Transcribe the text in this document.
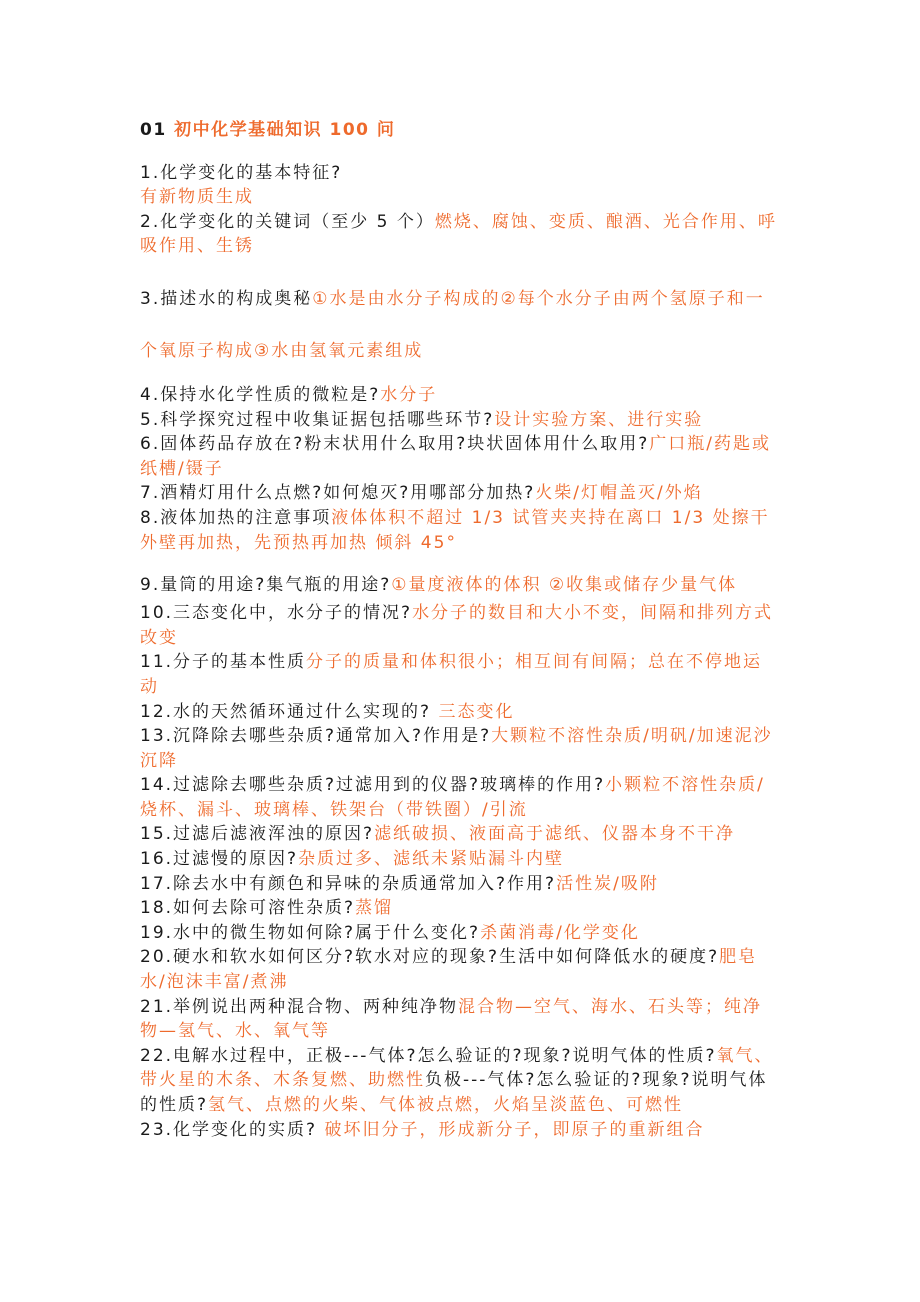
01 初中化学基础知识 100 问

1.化学变化的基本特征?
有新物质生成

2.化学变化的关键词（至少 5 个）燃烧、腐蚀、变质、酿酒、光合作用、呼吸作用、生锈

3.描述水的构成奥秘①水是由水分子构成的②每个水分子由两个氢原子和一个氧原子构成③水由氢氧元素组成

4.保持水化学性质的微粒是?水分子

5.科学探究过程中收集证据包括哪些环节?设计实验方案、进行实验

6.固体药品存放在?粉末状用什么取用?块状固体用什么取用?广口瓶/药匙或纸槽/镊子

7.酒精灯用什么点燃?如何熄灭?用哪部分加热?火柴/灯帽盖灭/外焰

8.液体加热的注意事项液体体积不超过 1/3 试管夹夹持在离口 1/3 处擦干外壁再加热，先预热再加热 倾斜 45°

9.量筒的用途?集气瓶的用途?①量度液体的体积 ②收集或储存少量气体

10.三态变化中，水分子的情况?水分子的数目和大小不变，间隔和排列方式改变

11.分子的基本性质分子的质量和体积很小；相互间有间隔；总在不停地运动

12.水的天然循环通过什么实现的? 三态变化

13.沉降除去哪些杂质?通常加入?作用是?大颗粒不溶性杂质/明矾/加速泥沙沉降

14.过滤除去哪些杂质?过滤用到的仪器?玻璃棒的作用?小颗粒不溶性杂质/烧杯、漏斗、玻璃棒、铁架台（带铁圈）/引流

15.过滤后滤液浑浊的原因?滤纸破损、液面高于滤纸、仪器本身不干净

16.过滤慢的原因?杂质过多、滤纸未紧贴漏斗内壁

17.除去水中有颜色和异味的杂质通常加入?作用?活性炭/吸附

18.如何去除可溶性杂质?蒸馏

19.水中的微生物如何除?属于什么变化?杀菌消毒/化学变化

20.硬水和软水如何区分?软水对应的现象?生活中如何降低水的硬度?肥皂水/泡沫丰富/煮沸

21.举例说出两种混合物、两种纯净物混合物—空气、海水、石头等；纯净物—氢气、水、氧气等

22.电解水过程中，正极---气体?怎么验证的?现象?说明气体的性质?氧气、带火星的木条、木条复燃、助燃性负极---气体?怎么验证的?现象?说明气体的性质?氢气、点燃的火柴、气体被点燃，火焰呈淡蓝色、可燃性

23.化学变化的实质? 破坏旧分子，形成新分子，即原子的重新组合
